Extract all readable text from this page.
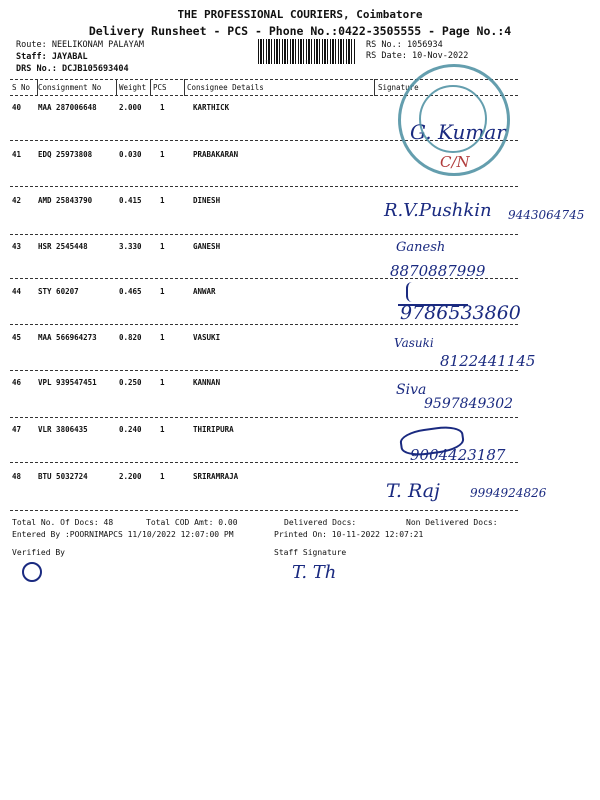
THE PROFESSIONAL COURIERS, Coimbatore
Delivery Runsheet - PCS - Phone No.:0422-3505555 - Page No.:4
Route: NEELIKONAM PALAYAM
Staff: JAYABAL
DRS No.: DCJB105693404
RS No.: 1056934
RS Date: 10-Nov-2022
S No Consignment No Weight PCS	Consignee Details	Signature
40 MAA 287006648	2.000 1	KARTHICK
G. Kumar
C/N
41 EDQ 25973808	0.030 1	PRABAKARAN
42 AMD 25843790	0.415 1	DINESH	R.V.Pushkin 9443064745
43 HSR 2545448	3.330 1	GANESH	Ganesh
8870887999
44 STY 60207	0.465 1	ANWAR
9786533860
45 MAA 566964273	0.820 1	VASUKI	Vasuki
8122441145
46 VPL 939547451	0.250 1	KANNAN	Siva
9597849302
47 VLR 3806435	0.240 1	THIRIPURA
9004423187
48 BTU 5032724	2.200 1	SRIRAMRAJA
T. Raj	9994924826
Total No. Of Docs: 48	Total COD Amt: 0.00	Delivered Docs:	Non Delivered Docs:
Entered By :POORNIMAPCS 11/10/2022 12:07:00 PM	Printed On: 10-11-2022 12:07:21
Verified By	Staff Signature
T. Th
